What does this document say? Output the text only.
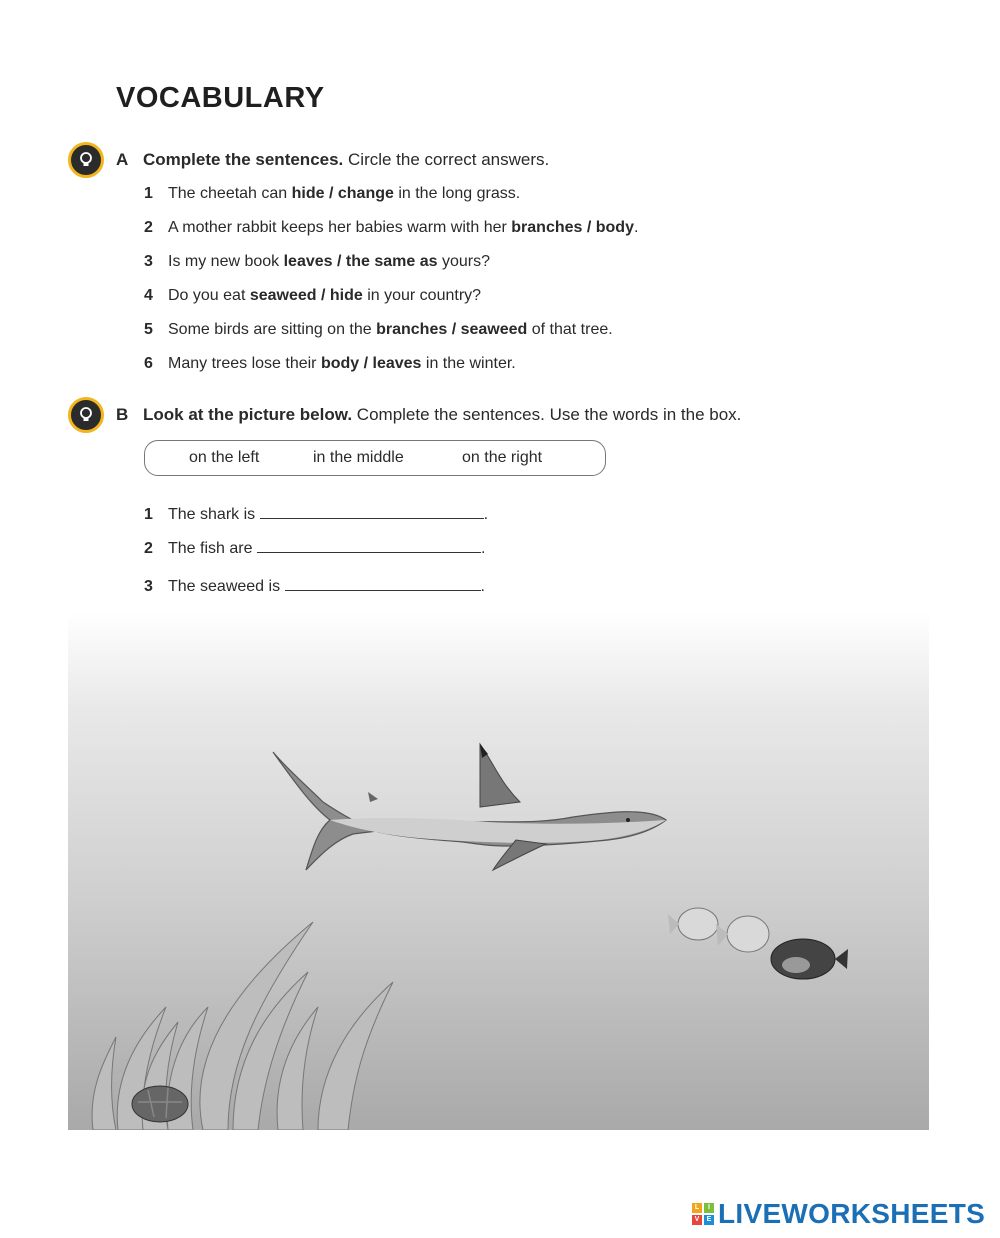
VOCABULARY
A Complete the sentences. Circle the correct answers.
1 The cheetah can hide / change in the long grass.
2 A mother rabbit keeps her babies warm with her branches / body.
3 Is my new book leaves / the same as yours?
4 Do you eat seaweed / hide in your country?
5 Some birds are sitting on the branches / seaweed of that tree.
6 Many trees lose their body / leaves in the winter.
B Look at the picture below. Complete the sentences. Use the words in the box.
on the left	in the middle	on the right
1 The shark is	.
2 The fish are	.
3 The seaweed is	.
L	I
V	E LIVEWORKSHEETS
